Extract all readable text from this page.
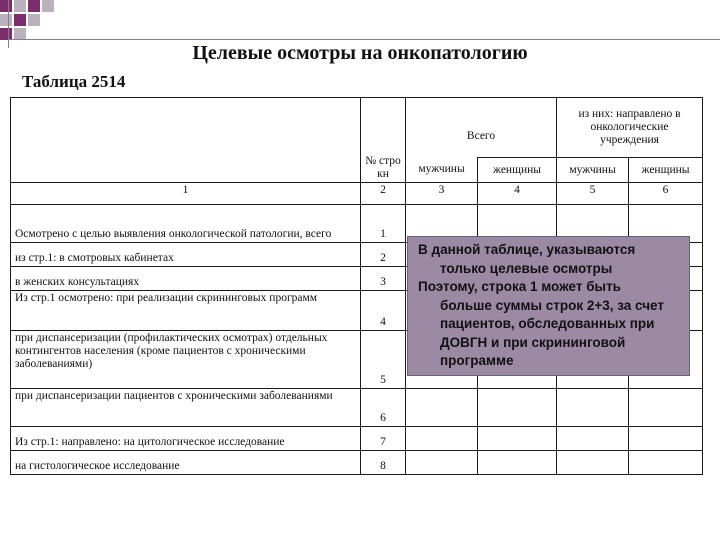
Целевые осмотры на онкопатологию
Таблица 2514
	№ стро кн	Всего		из них: направлено в онкологические учреждения	
		мужчины	женщины	мужчины	женщины
1	2	3	4	5	6
Осмотрено с целью выявления онкологической патологии, всего	1				
из стр.1: в смотровых кабинетах	2				
в женских консультациях	3				
Из стр.1 осмотрено: при реализации скрининговых программ	4				
при диспансеризации (профилактических осмотрах) отдельных контингентов населения (кроме пациентов с хроническими заболеваниями)	5				
при диспансеризации пациентов с хроническими заболеваниями	6				
Из стр.1: направлено: на цитологическое исследование	7				
на гистологическое исследование	8				

В данной таблице, указываются

только целевые осмотры

Поэтому, строка 1 может быть

больше суммы строк 2+3, за счет

пациентов, обследованных при

ДОВГН и при скрининговой

программе
